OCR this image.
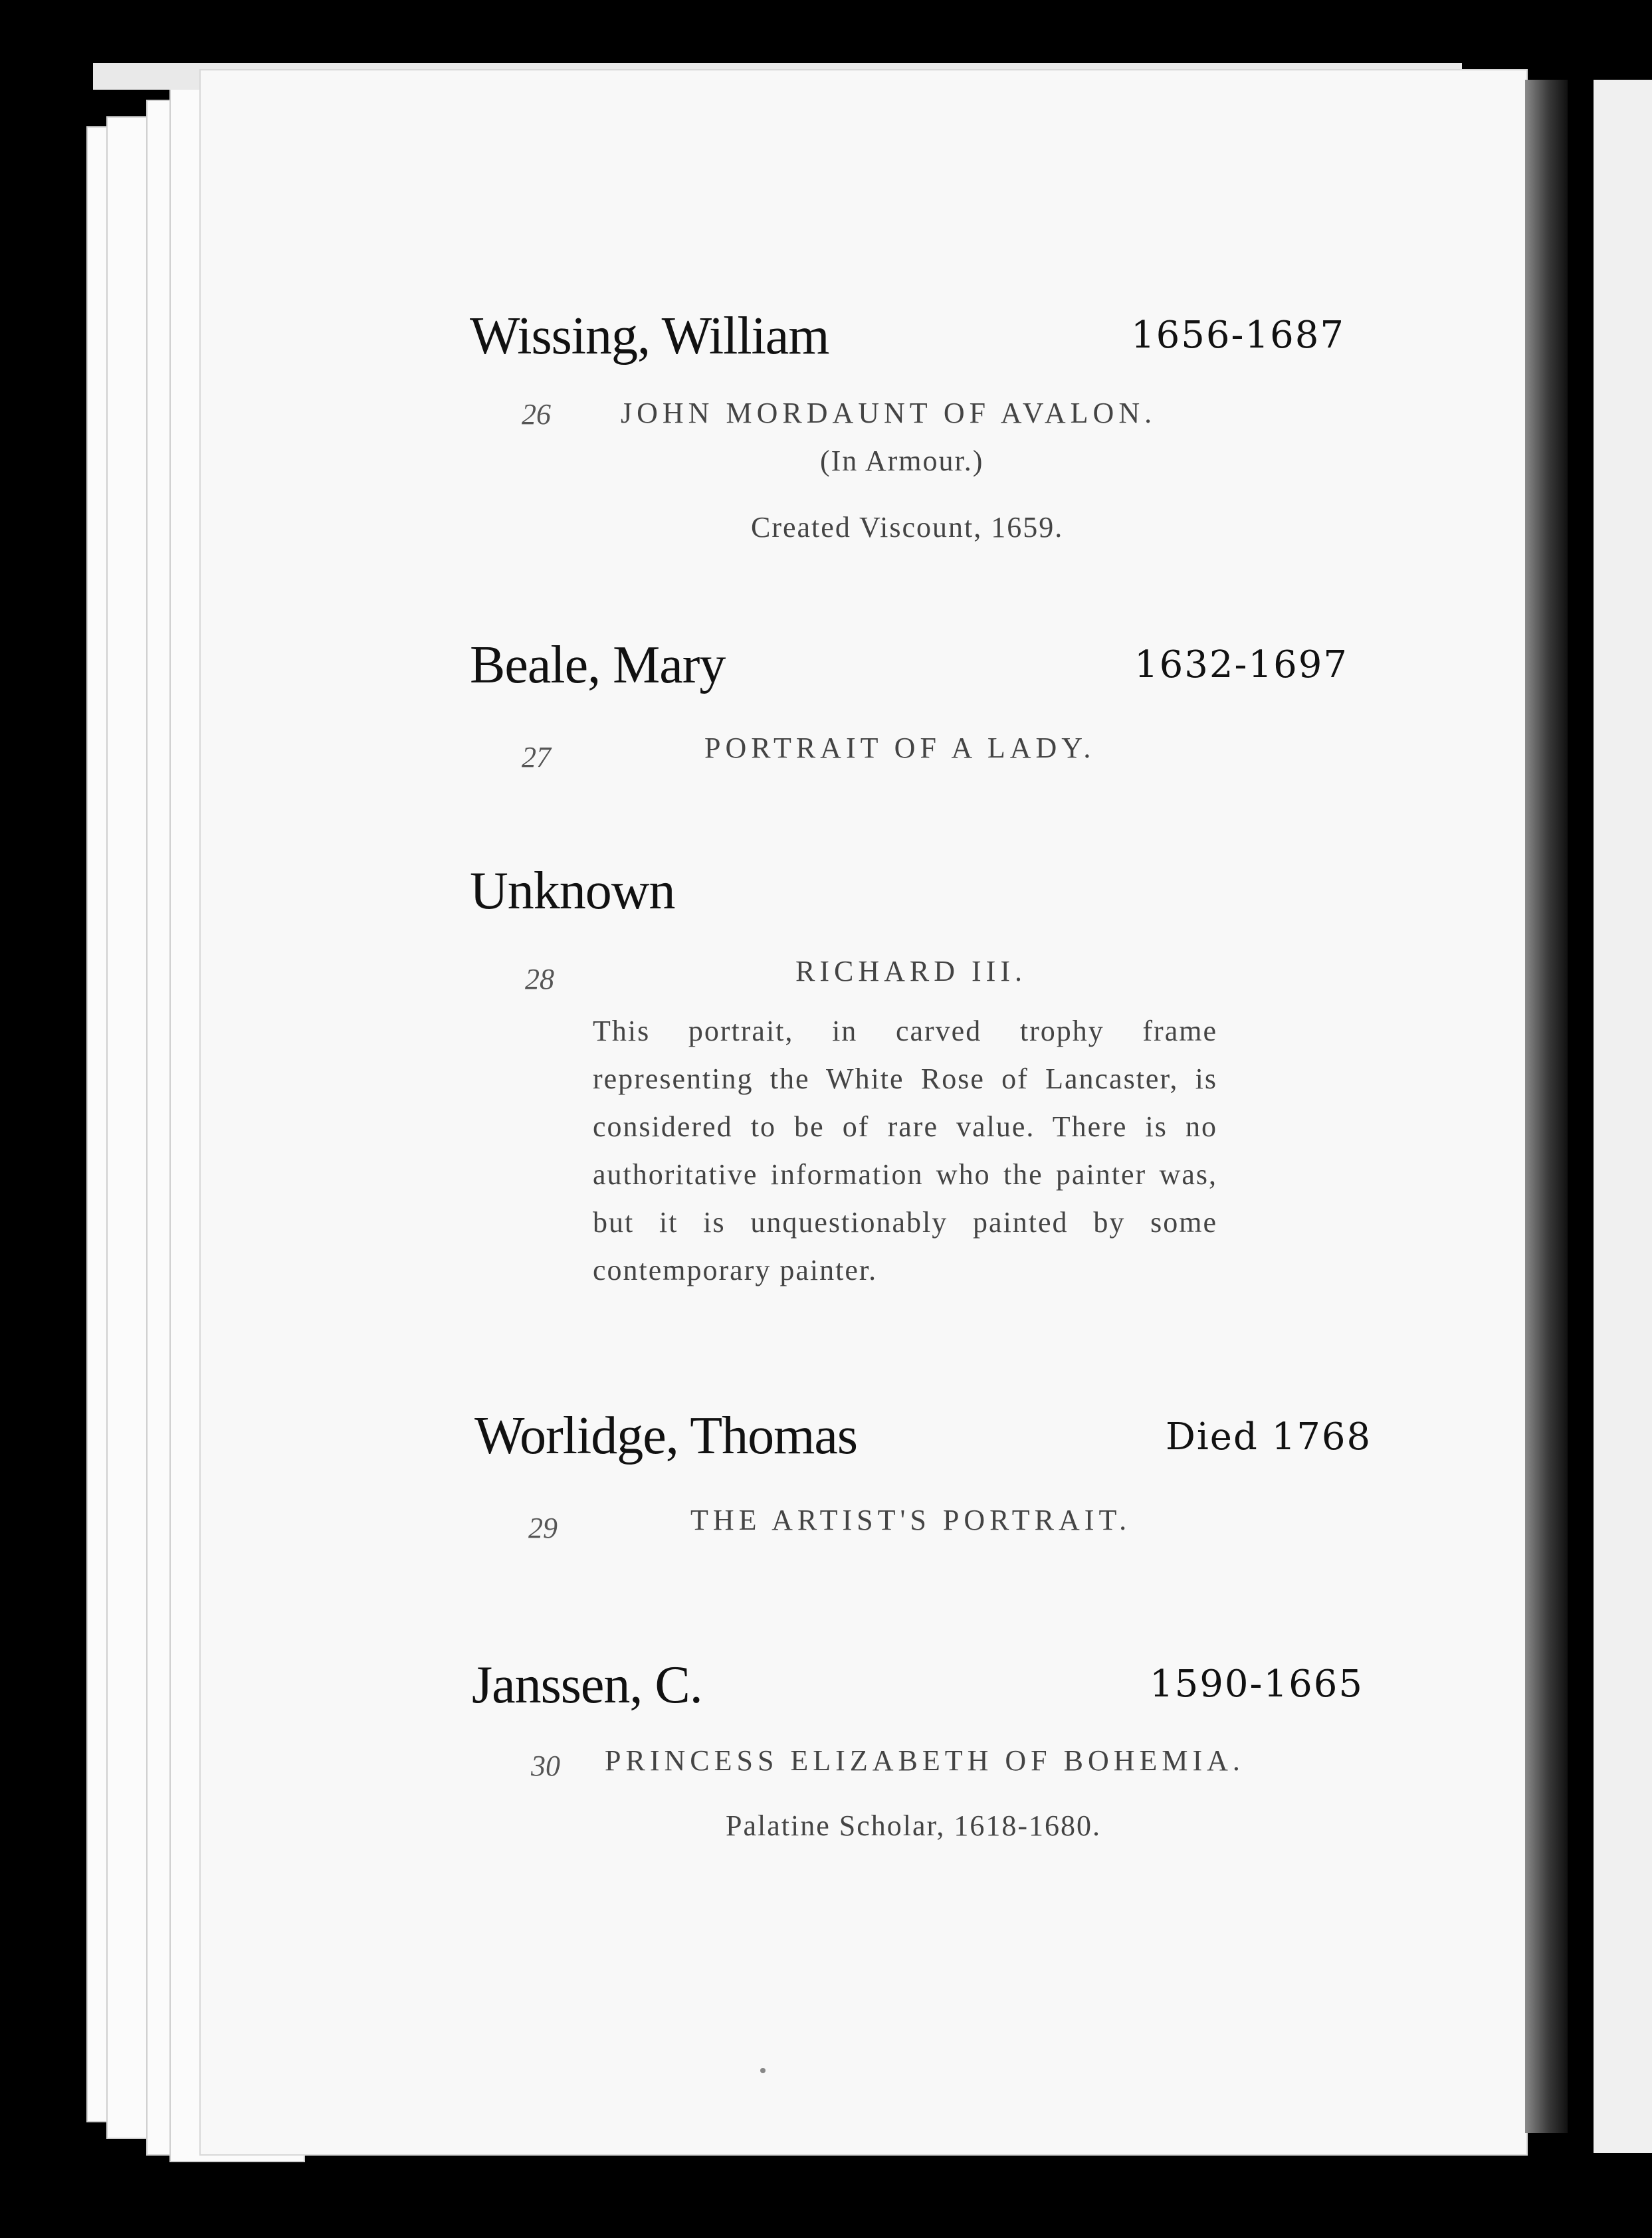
Wissing, William	1656-1687
26 JOHN MORDAUNT OF AVALON.
(In Armour.)
Created Viscount, 1659.
Beale, Mary	1632-1697
27	PORTRAIT OF A LADY.
Unknown
28	RICHARD III.
This portrait, in carved trophy frame representing the White Rose of Lancaster, is considered to be of rare value. There is no authoritative information who the painter was, but it is unquestionably painted by some contemporary painter.
Worlidge, Thomas	Died 1768
29	THE ARTIST'S PORTRAIT.
Janssen, C.	1590-1665
30 PRINCESS ELIZABETH OF BOHEMIA.
Palatine Scholar, 1618-1680.
